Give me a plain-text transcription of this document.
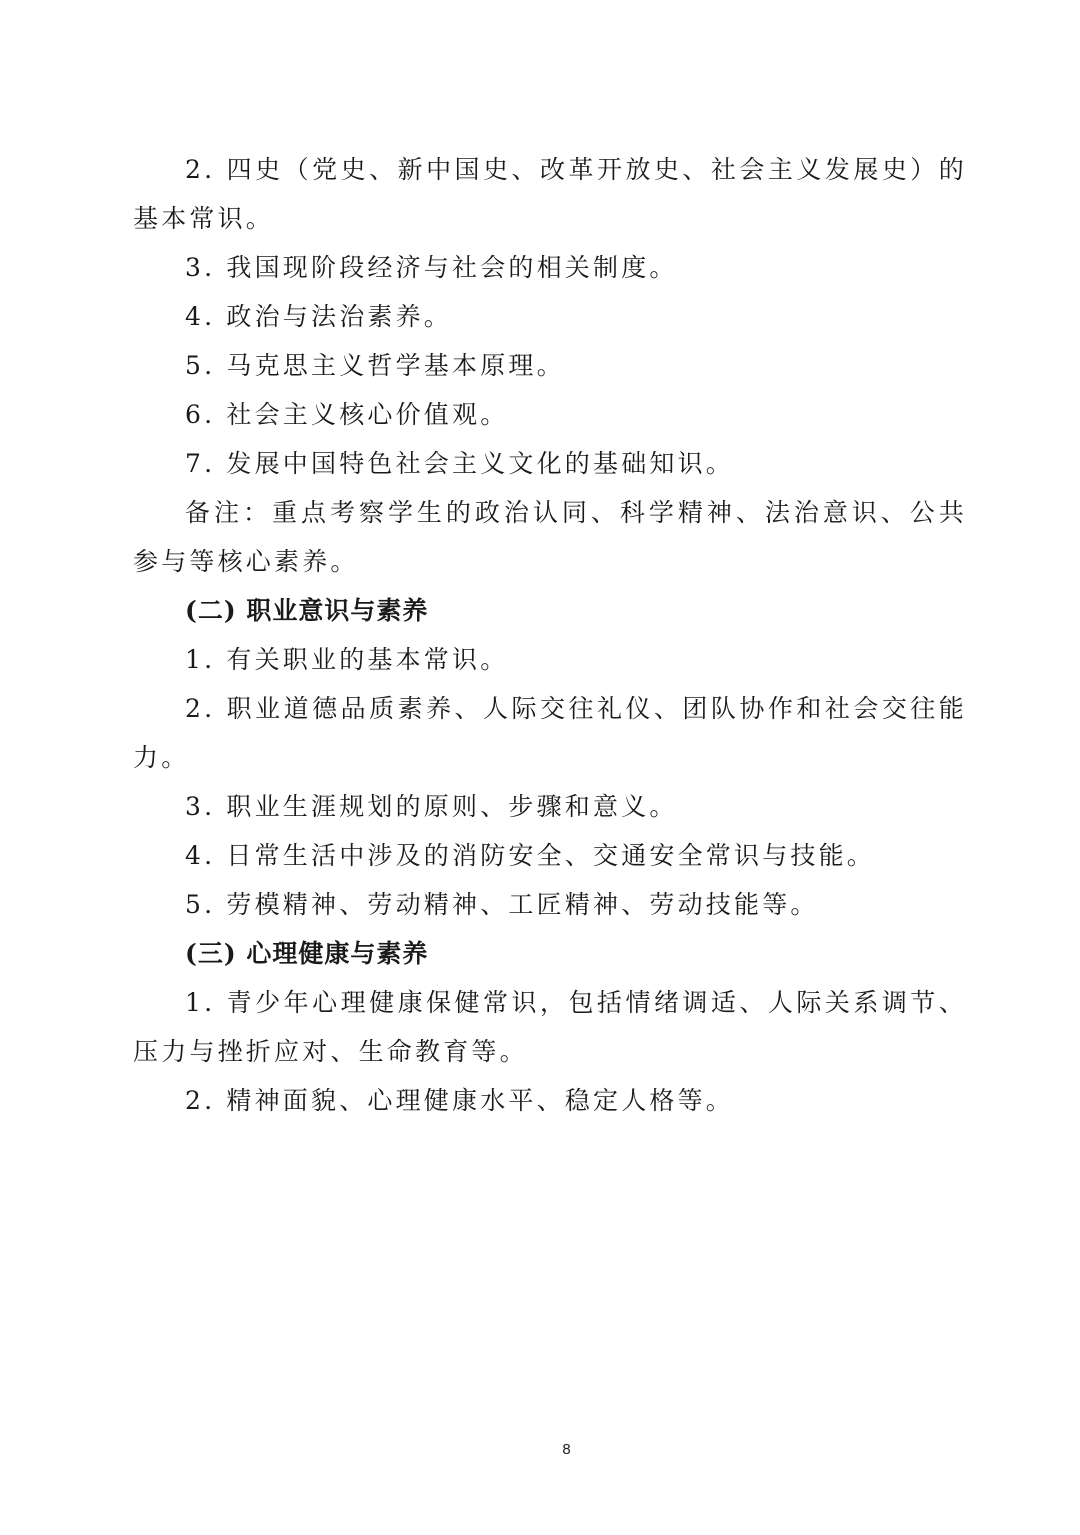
2. 四史（党史、新中国史、改革开放史、社会主义发展史）的基本常识。

3. 我国现阶段经济与社会的相关制度。

4. 政治与法治素养。

5. 马克思主义哲学基本原理。

6. 社会主义核心价值观。

7. 发展中国特色社会主义文化的基础知识。

备注：重点考察学生的政治认同、科学精神、法治意识、公共参与等核心素养。

(二) 职业意识与素养

1. 有关职业的基本常识。

2. 职业道德品质素养、人际交往礼仪、团队协作和社会交往能力。

3. 职业生涯规划的原则、步骤和意义。

4. 日常生活中涉及的消防安全、交通安全常识与技能。

5. 劳模精神、劳动精神、工匠精神、劳动技能等。

(三) 心理健康与素养

1. 青少年心理健康保健常识，包括情绪调适、人际关系调节、压力与挫折应对、生命教育等。

2. 精神面貌、心理健康水平、稳定人格等。

8
